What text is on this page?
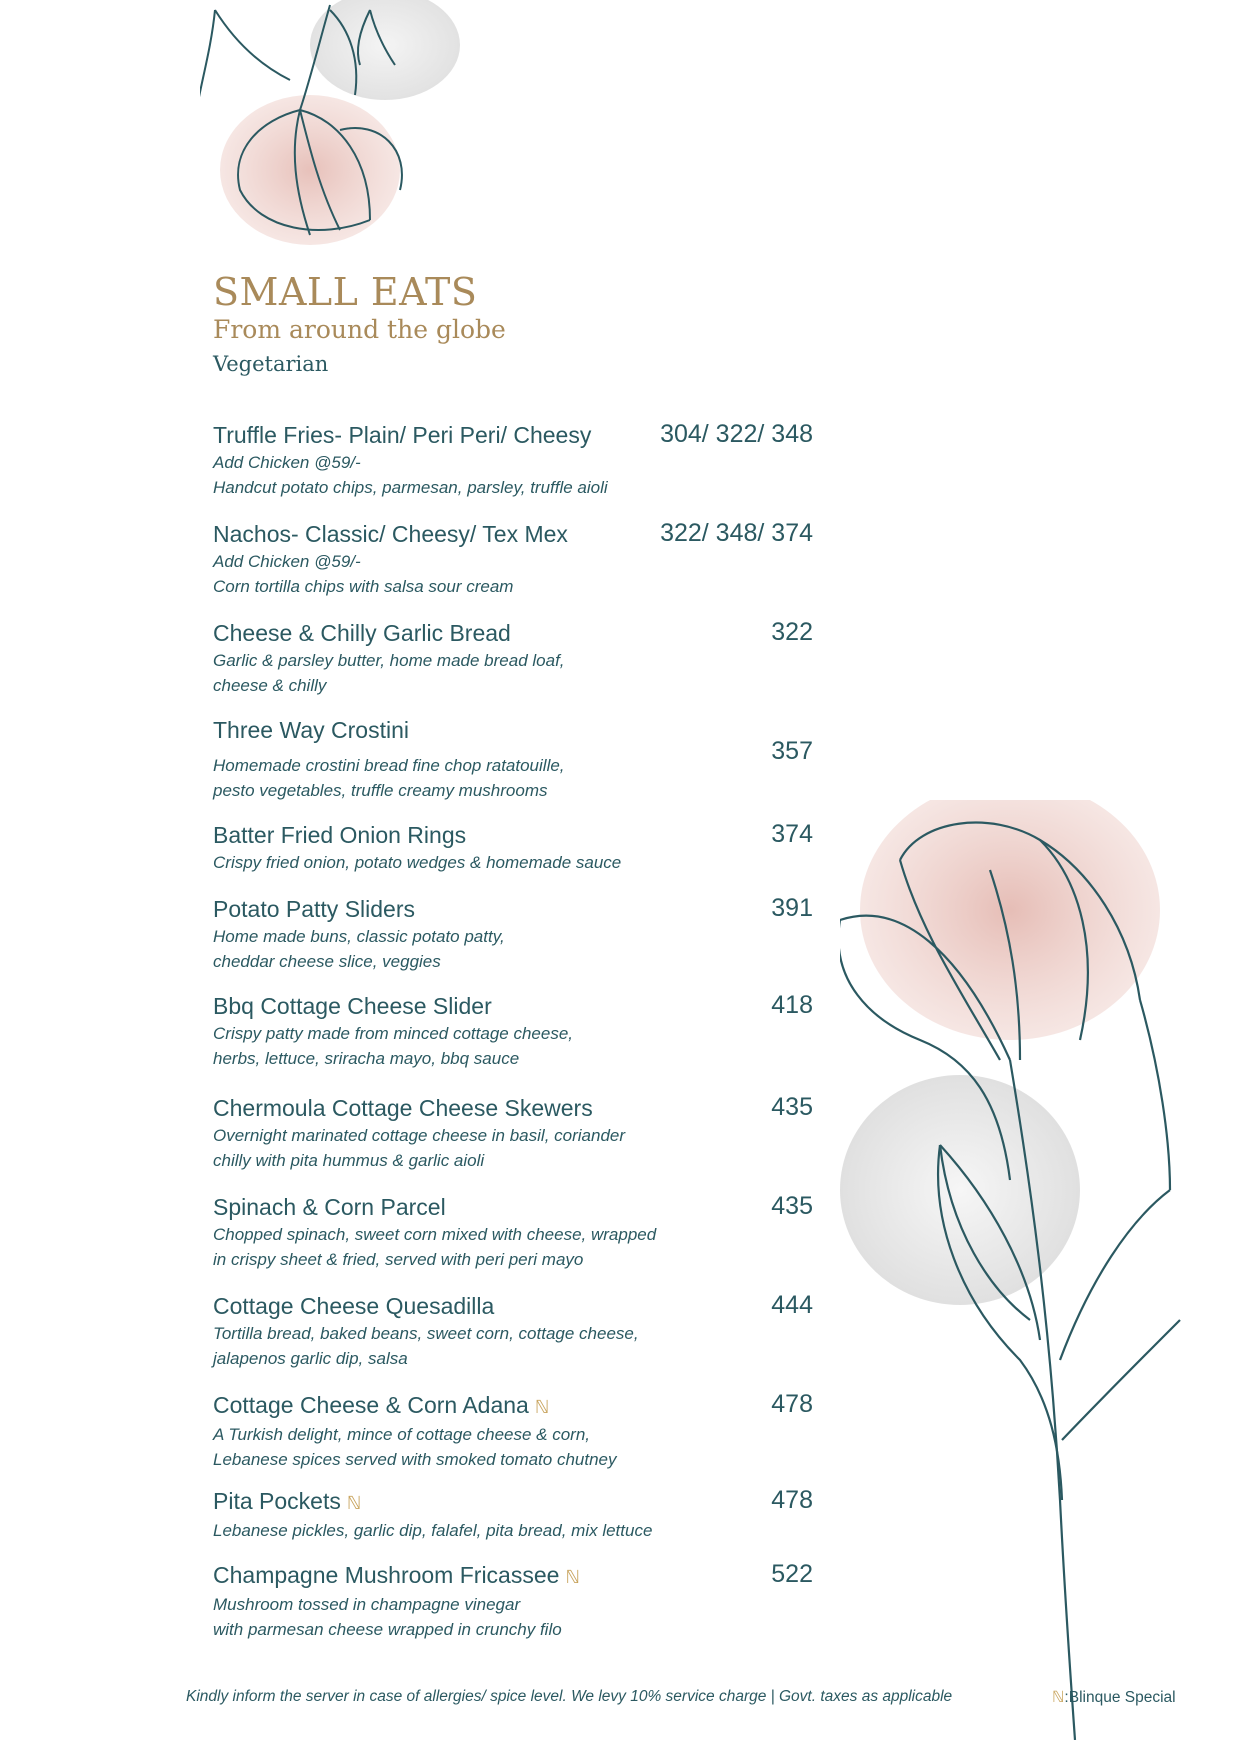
SMALL EATS
From around the globe
Vegetarian
Truffle Fries- Plain/ Peri Peri/ Cheesy
Add Chicken @59/-
Handcut potato chips, parmesan, parsley, truffle aioli
304/ 322/ 348
Nachos- Classic/ Cheesy/ Tex Mex
Add Chicken @59/-
Corn tortilla chips with salsa sour cream
322/ 348/ 374
Cheese & Chilly Garlic Bread
Garlic & parsley butter, home made bread loaf,
cheese & chilly
322
Three Way Crostini
Homemade crostini bread fine chop ratatouille,
pesto vegetables, truffle creamy mushrooms
357
Batter Fried Onion Rings
Crispy fried onion, potato wedges & homemade sauce
374
Potato Patty Sliders
Home made buns, classic potato patty,
cheddar cheese slice, veggies
391
Bbq Cottage Cheese Slider
Crispy patty made from minced cottage cheese,
herbs, lettuce, sriracha mayo, bbq sauce
418
Chermoula Cottage Cheese Skewers
Overnight marinated cottage cheese in basil, coriander
chilly with pita hummus & garlic aioli
435
Spinach & Corn Parcel
Chopped spinach, sweet corn mixed with cheese, wrapped
in crispy sheet & fried, served with peri peri mayo
435
Cottage Cheese Quesadilla
Tortilla bread, baked beans, sweet corn, cottage cheese,
jalapenos garlic dip, salsa
444
Cottage Cheese & Corn Adana ℕ
A Turkish delight, mince of cottage cheese & corn,
Lebanese spices served with smoked tomato chutney
478
Pita Pockets ℕ
Lebanese pickles, garlic dip, falafel, pita bread, mix lettuce
478
Champagne Mushroom Fricassee ℕ
Mushroom tossed in champagne vinegar
with parmesan cheese wrapped in crunchy filo
522
Kindly inform the server in case of allergies/ spice level. We levy 10% service charge | Govt. taxes as applicable	ℕ:Blinque Special
